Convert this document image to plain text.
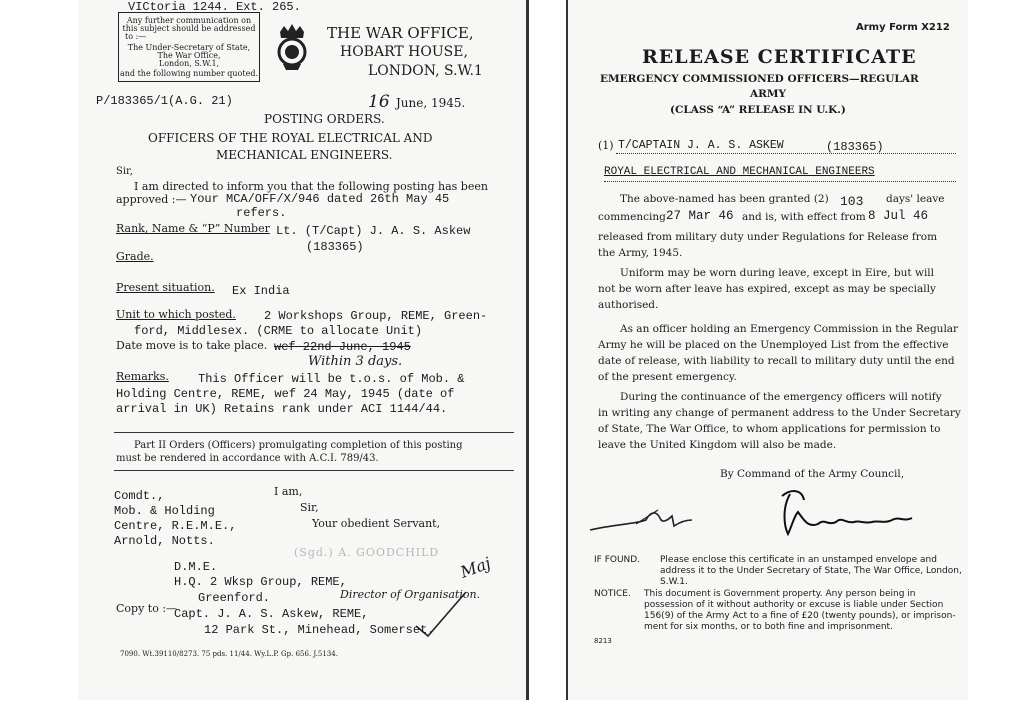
VICtoria 1244. Ext. 265.
Any further communication on
this subject should be addressed
to :—
The Under-Secretary of State,
The War Office,
London, S.W.1,
and the following number quoted.
THE WAR OFFICE,
HOBART HOUSE,
LONDON, S.W.1
P/183365/1(A.G. 21)	16 June, 1945.
POSTING ORDERS.
OFFICERS OF THE ROYAL ELECTRICAL AND
MECHANICAL ENGINEERS.
Sir,
I am directed to inform you that the following posting has been
approved :— Your MCA/OFF/X/946 dated 26th May 45
refers.
Rank, Name & “P” Number Lt. (T/Capt) J. A. S. Askew
(183365)
Grade.
Present situation. Ex India
Unit to which posted. 2 Workshops Group, REME, Green-
ford, Middlesex. (CRME to allocate Unit)
Date move is to take place. wef 22nd June, 1945
Within 3 days.
Remarks. This Officer will be t.o.s. of Mob. &
Holding Centre, REME, wef 24 May, 1945 (date of
arrival in UK) Retains rank under ACI 1144/44.
Part II Orders (Officers) promulgating completion of this posting
must be rendered in accordance with A.C.I. 789/43.
Comdt.,
Mob. & Holding
Centre, R.E.M.E.,
Arnold, Notts.
I am,
Sir,
Your obedient Servant,
(Sgd.) A. GOODCHILD
Maj
Director of Organisation.
D.M.E.
H.Q. 2 Wksp Group, REME,
Copy to :—
Greenford.
Capt. J. A. S. Askew, REME,
12 Park St., Minehead, Somerset.
7090. Wt.39110/8273. 75 pds. 11/44. Wy.L.P. Gp. 656. J.5134.
Army Form X212
RELEASE CERTIFICATE
EMERGENCY COMMISSIONED OFFICERS—REGULAR
ARMY
(CLASS “A” RELEASE IN U.K.)
(1) T/CAPTAIN J. A. S. ASKEW	(183365)
ROYAL ELECTRICAL AND MECHANICAL ENGINEERS
The above-named has been granted (2) 103 days' leave
commencing 27 Mar 46 and is, with effect from 8 Jul 46
released from military duty under Regulations for Release from
the Army, 1945.
Uniform may be worn during leave, except in Eire, but will
not be worn after leave has expired, except as may be specially
authorised.
As an officer holding an Emergency Commission in the Regular
Army he will be placed on the Unemployed List from the effective
date of release, with liability to recall to military duty until the end
of the present emergency.
During the continuance of the emergency officers will notify
in writing any change of permanent address to the Under Secretary
of State, The War Office, to whom applications for permission to
leave the United Kingdom will also be made.
By Command of the Army Council,
IF FOUND. Please enclose this certificate in an unstamped envelope and
address it to the Under Secretary of State, The War Office, London,
S.W.1.
NOTICE. This document is Government property. Any person being in
possession of it without authority or excuse is liable under Section
156(9) of the Army Act to a fine of £20 (twenty pounds), or imprison-
ment for six months, or to both fine and imprisonment.
8213
